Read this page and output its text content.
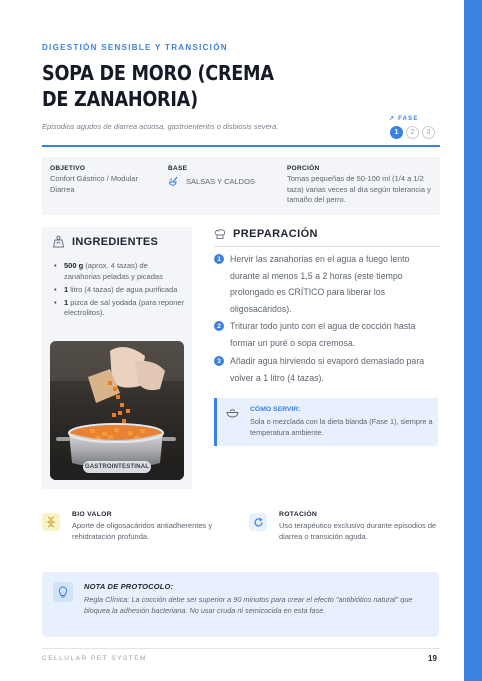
DIGESTIÓN SENSIBLE Y TRANSICIÓN
SOPA DE MORO (CREMA DE ZANAHORIA)
Episodios agudos de diarrea acuosa, gastroenteritis o disbiosis severa.
↗ FASE
1	2	3
OBJETIVO
Confort Gástrico / Modular Diarrea
BASE
SALSAS Y CALDOS
PORCIÓN
Tomas pequeñas de 50-100 ml (1/4 a 1/2 taza) varias veces al día según tolerancia y tamaño del perro.
INGREDIENTES
• 500 g (aprox. 4 tazas) de zanahorias peladas y picadas
• 1 litro (4 tazas) de agua purificada
• 1 pizca de sal yodada (para reponer electrolitos).
GASTROINTESTINAL
PREPARACIÓN
1	Hervir las zanahorias en el agua a fuego lento durante al menos 1,5 a 2 horas (este tiempo prolongado es CRÍTICO para liberar los oligosacáridos).
2	Triturar todo junto con el agua de cocción hasta formar un puré o sopa cremosa.
3	Añadir agua hirviendo si evaporó demasiado para volver a 1 litro (4 tazas).
CÓMO SERVIR:
Sola o mezclada con la dieta blanda (Fase 1), siempre a temperatura ambiente.
BIO VALOR
Aporte de oligosacáridos antiadherentes y rehidratación profunda.
ROTACIÓN
Uso terapéutico exclusivo durante episodios de diarrea o transición aguda.
NOTA DE PROTOCOLO:
Regla Clínica: La cocción debe ser superior a 90 minutos para crear el efecto "antibiótico natural" que bloquea la adhesión bacteriana. No usar cruda ni semicocida en esta fase.
CELLULAR PET SYSTEM	19
